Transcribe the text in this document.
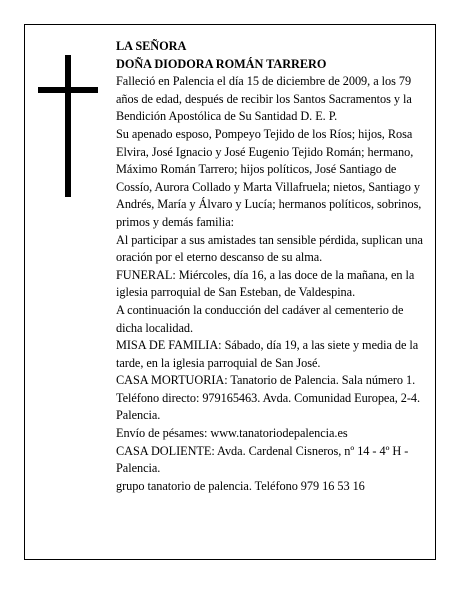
LA SEÑORA

DOÑA DIODORA ROMÁN TARRERO

Falleció en Palencia el día 15 de diciembre de 2009, a los 79 años de edad, después de recibir los Santos Sacramentos y la Bendición Apostólica de Su Santidad D. E. P.

Su apenado esposo, Pompeyo Tejido de los Ríos; hijos, Rosa Elvira, José Ignacio y José Eugenio Tejido Román; hermano, Máximo Román Tarrero; hijos políticos, José Santiago de Cossío, Aurora Collado y Marta Villafruela; nietos, Santiago y Andrés, María y Álvaro y Lucía; hermanos políticos, sobrinos, primos y demás familia:

Al participar a sus amistades tan sensible pérdida, suplican una oración por el eterno descanso de su alma.

FUNERAL: Miércoles, día 16, a las doce de la mañana, en la iglesia parroquial de San Esteban, de Valdespina.

A continuación la conducción del cadáver al cementerio de dicha localidad.

MISA DE FAMILIA: Sábado, día 19, a las siete y media de la tarde, en la iglesia parroquial de San José.

CASA MORTUORIA: Tanatorio de Palencia. Sala número 1. Teléfono directo: 979165463. Avda. Comunidad Europea, 2-4. Palencia.

Envío de pésames: www.tanatoriodepalencia.es

CASA DOLIENTE: Avda. Cardenal Cisneros, nº 14 - 4º H - Palencia.

grupo tanatorio de palencia. Teléfono 979 16 53 16
